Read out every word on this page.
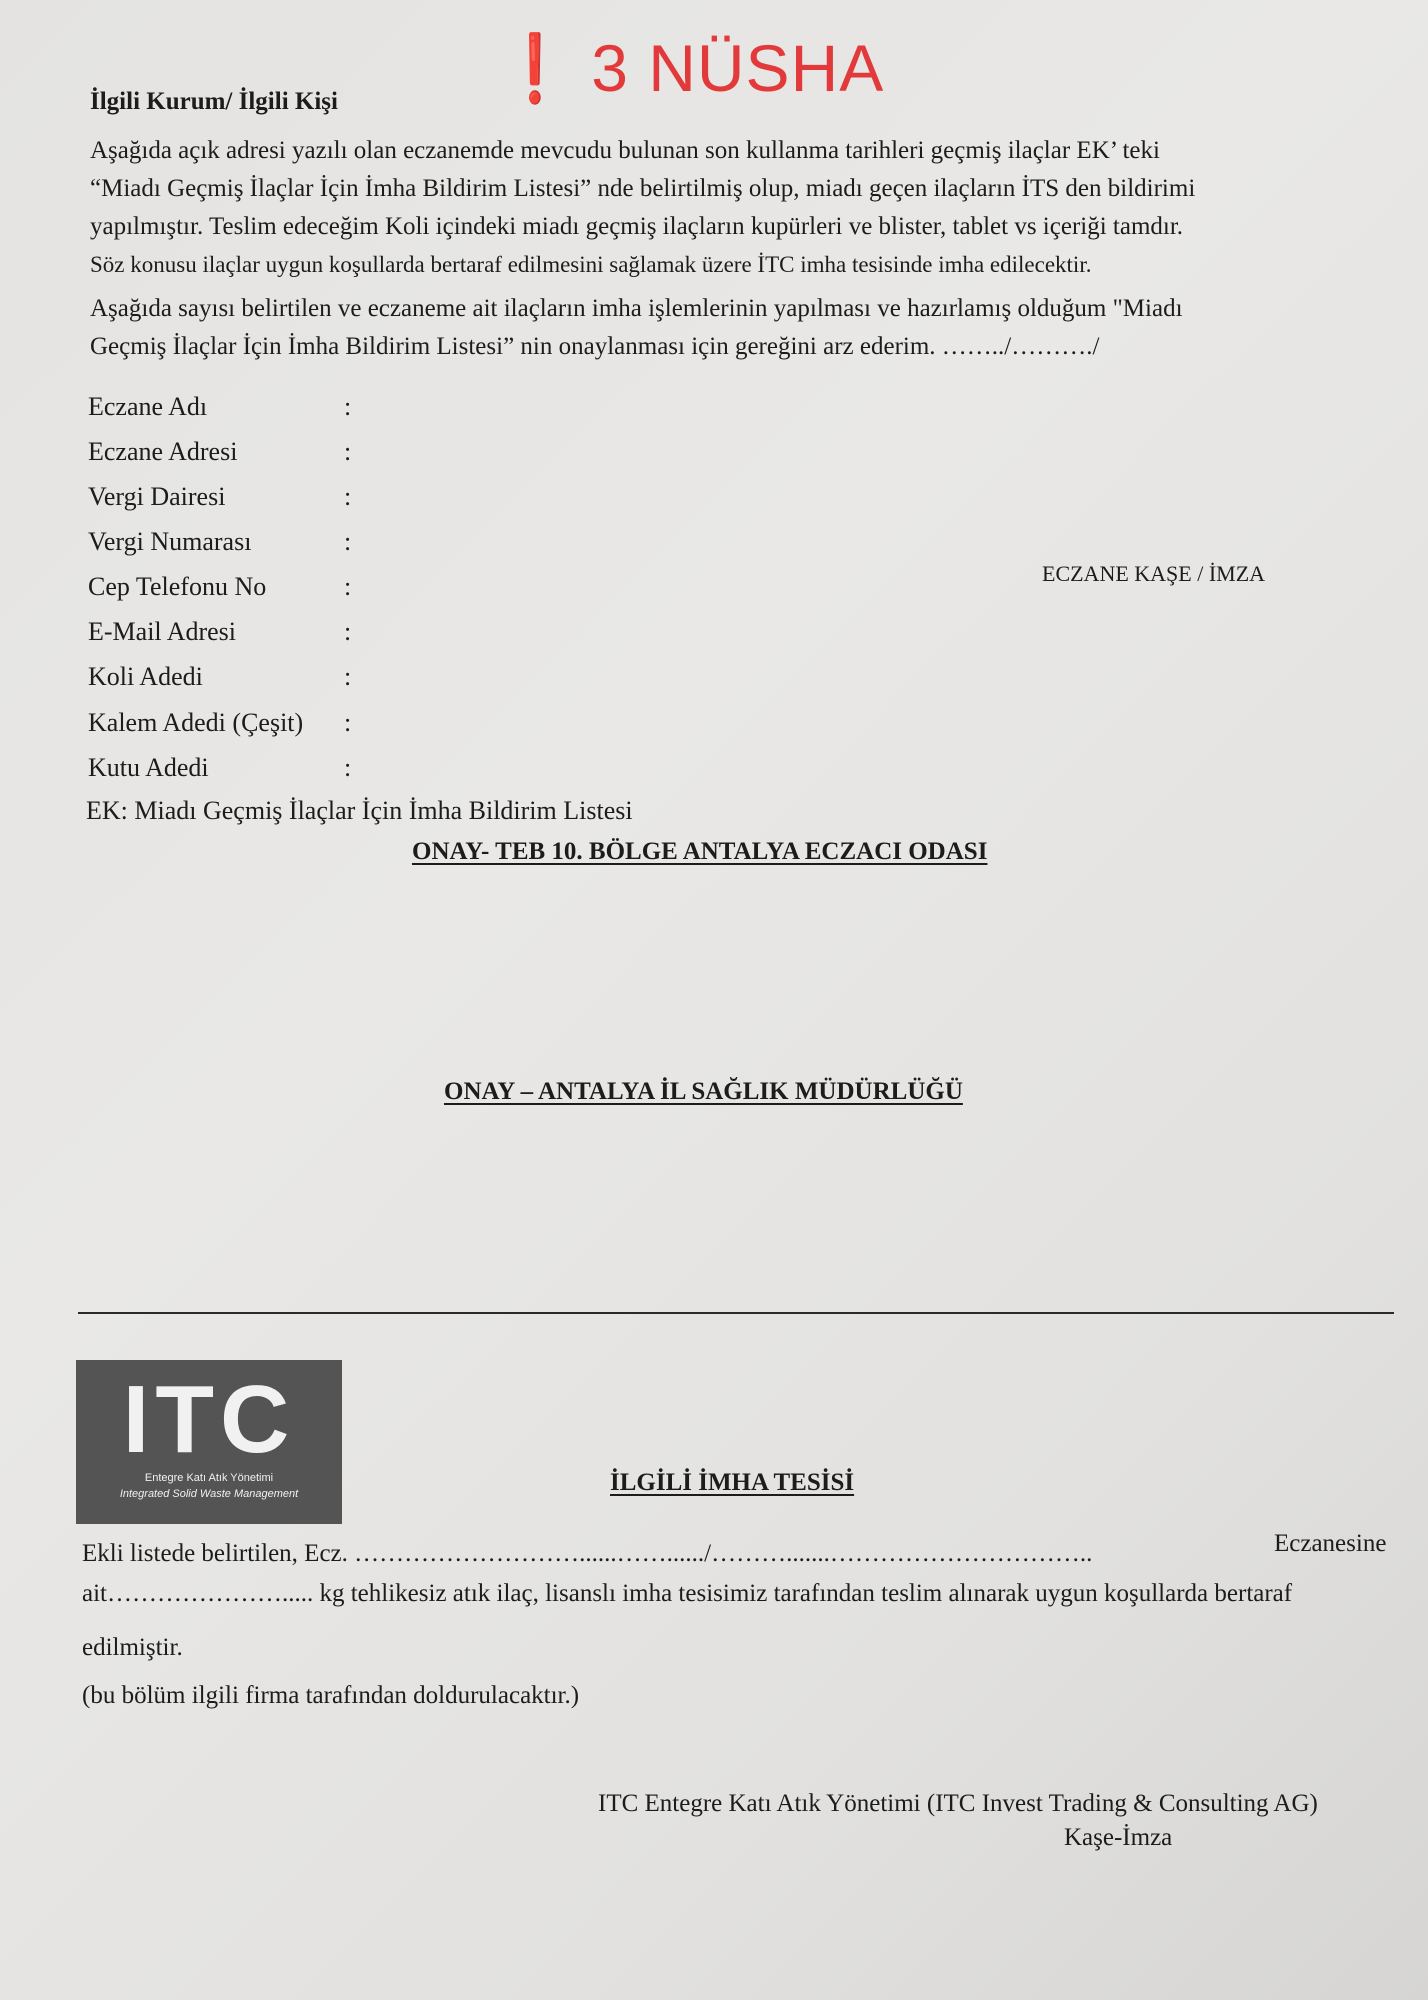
❗ 3 NÜSHA
İlgili Kurum/ İlgili Kişi
Aşağıda açık adresi yazılı olan eczanemde mevcudu bulunan son kullanma tarihleri geçmiş ilaçlar EK’ teki
“Miadı Geçmiş İlaçlar İçin İmha Bildirim Listesi” nde belirtilmiş olup, miadı geçen ilaçların İTS den bildirimi
yapılmıştır. Teslim edeceğim Koli içindeki miadı geçmiş ilaçların kupürleri ve blister, tablet vs içeriği tamdır.
Söz konusu ilaçlar uygun koşullarda bertaraf edilmesini sağlamak üzere İTC imha tesisinde imha edilecektir.
Aşağıda sayısı belirtilen ve eczaneme ait ilaçların imha işlemlerinin yapılması ve hazırlamış olduğum "Miadı
Geçmiş İlaçlar İçin İmha Bildirim Listesi” nin onaylanması için gereğini arz ederim. ……../………./
Eczane Adı	:
Eczane Adresi	:
Vergi Dairesi	:
Vergi Numarası	:
Cep Telefonu No	:
E-Mail Adresi	:
Koli Adedi	:
Kalem Adedi (Çeşit) :
Kutu Adedi	:
ECZANE KAŞE / İMZA
EK: Miadı Geçmiş İlaçlar İçin İmha Bildirim Listesi
ONAY- TEB 10. BÖLGE ANTALYA ECZACI ODASI
ONAY – ANTALYA İL SAĞLIK MÜDÜRLÜĞÜ
ITC
Entegre Katı Atık Yönetimi
Integrated Solid Waste Management	İLGİLİ İMHA TESİSİ
Ekli listede belirtilen, Ecz. ………………………......……....../……….......…………………………..	Eczanesine
ait…………………..... kg tehlikesiz atık ilaç, lisanslı imha tesisimiz tarafından teslim alınarak uygun koşullarda bertaraf
edilmiştir.
(bu bölüm ilgili firma tarafından doldurulacaktır.)
ITC Entegre Katı Atık Yönetimi (ITC Invest Trading & Consulting AG)
Kaşe-İmza
